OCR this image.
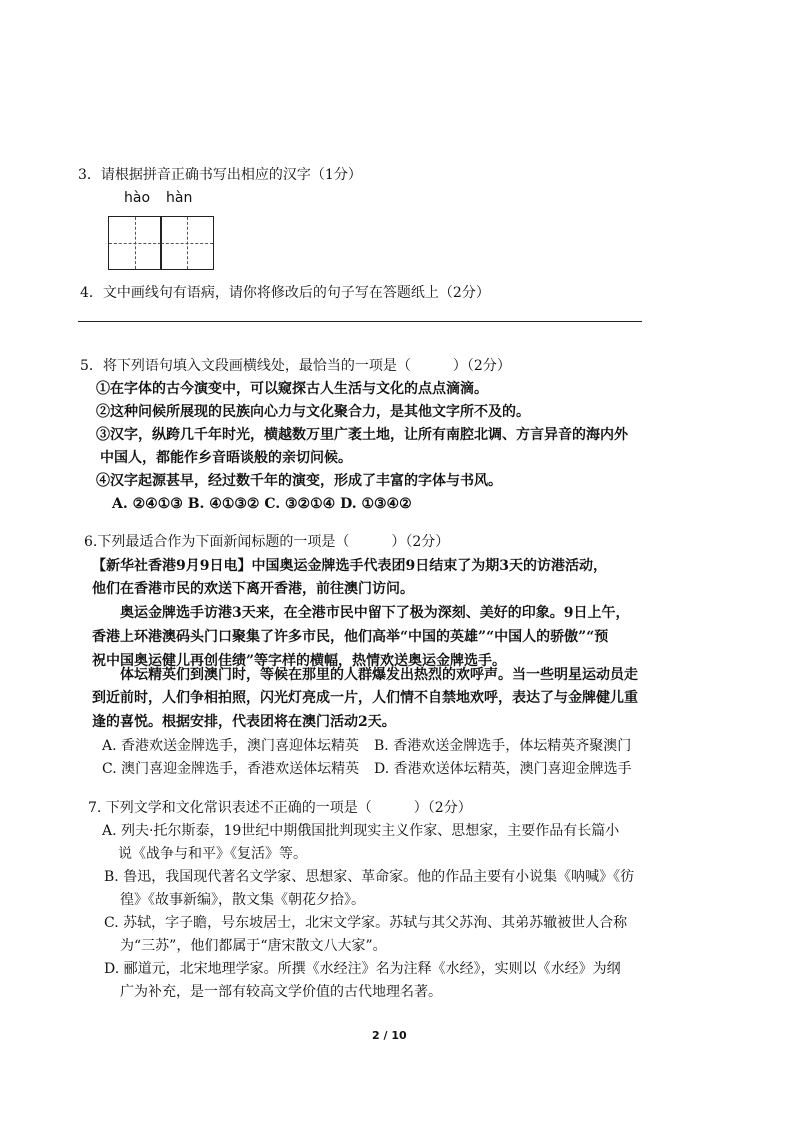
3．请根据拼音正确书写出相应的汉字（1分）
hào hàn
4．文中画线句有语病，请你将修改后的句子写在答题纸上（2分）
5．将下列语句填入文段画横线处，最恰当的一项是（　　　）（2分）
①在字体的古今演变中，可以窥探古人生活与文化的点点滴滴。
②这种问候所展现的民族向心力与文化聚合力，是其他文字所不及的。
③汉字，纵跨几千年时光，横越数万里广袤土地，让所有南腔北调、方言异音的海内外
中国人，都能作乡音晤谈般的亲切问候。
④汉字起源甚早，经过数千年的演变，形成了丰富的字体与书风。
A. ②④①③ B. ④①③② C. ③②①④ D. ①③④②
6.下列最适合作为下面新闻标题的一项是（　　　）（2分）
【新华社香港9月9日电】中国奥运金牌选手代表团9日结束了为期3天的访港活动，
他们在香港市民的欢送下离开香港，前往澳门访问。
奥运金牌选手访港3天来，在全港市民中留下了极为深刻、美好的印象。9日上午，
香港上环港澳码头门口聚集了许多市民，他们高举“中国的英雄”“中国人的骄傲”“预
祝中国奥运健儿再创佳绩”等字样的横幅，热情欢送奥运金牌选手。
体坛精英们到澳门时，等候在那里的人群爆发出热烈的欢呼声。当一些明星运动员走
到近前时，人们争相拍照，闪光灯亮成一片，人们情不自禁地欢呼，表达了与金牌健儿重
逢的喜悦。根据安排，代表团将在澳门活动2天。
A. 香港欢送金牌选手，澳门喜迎体坛精英 B. 香港欢送金牌选手，体坛精英齐聚澳门
C. 澳门喜迎金牌选手，香港欢送体坛精英 D. 香港欢送体坛精英，澳门喜迎金牌选手
7. 下列文学和文化常识表述不正确的一项是（　　　）（2分）
A. 列夫·托尔斯泰，19世纪中期俄国批判现实主义作家、思想家，主要作品有长篇小
说《战争与和平》《复活》等。
B. 鲁迅，我国现代著名文学家、思想家、革命家。他的作品主要有小说集《呐喊》《彷
徨》《故事新编》，散文集《朝花夕拾》。
C. 苏轼，字子瞻，号东坡居士，北宋文学家。苏轼与其父苏洵、其弟苏辙被世人合称
为“三苏”，他们都属于“唐宋散文八大家”。
D. 郦道元，北宋地理学家。所撰《水经注》名为注释《水经》，实则以《水经》为纲
广为补充，是一部有较高文学价值的古代地理名著。
2 / 10
